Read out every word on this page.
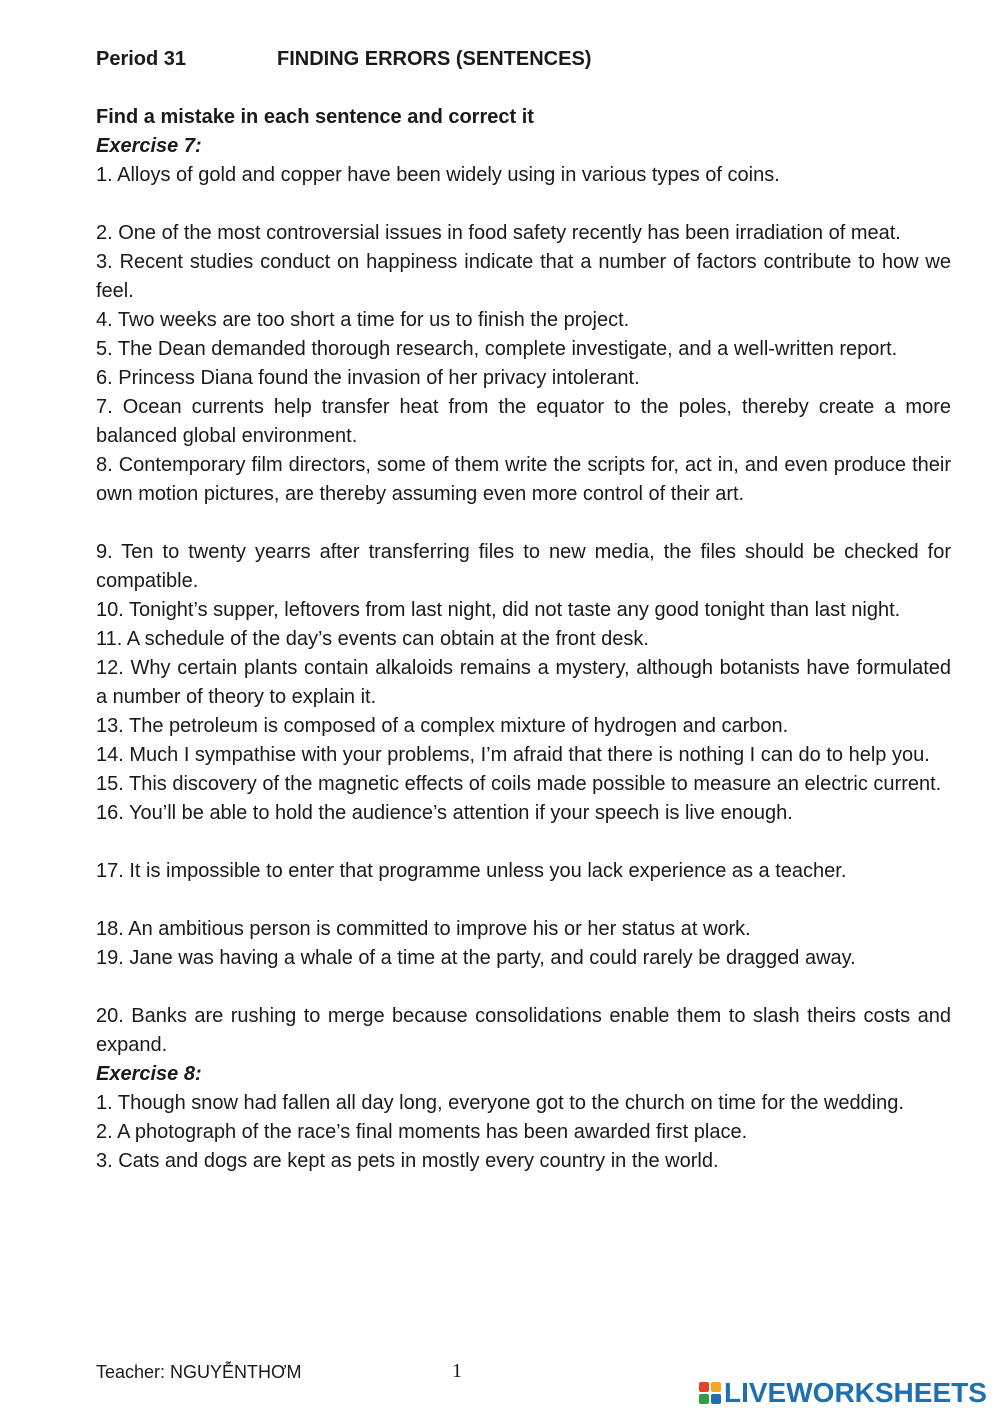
Period 31	FINDING ERRORS (SENTENCES)
Find a mistake in each sentence and correct it
Exercise 7:
1. Alloys of gold and copper have been widely using in various types of coins.
2. One of the most controversial issues in food safety recently has been irradiation of meat.
3. Recent studies conduct on happiness indicate that a number of factors contribute to how we feel.
4. Two weeks are too short a time for us to finish the project.
5. The Dean demanded thorough research, complete investigate, and a well-written report.
6. Princess Diana found the invasion of her privacy intolerant.
7. Ocean currents help transfer heat from the equator to the poles, thereby create a more balanced global environment.
8. Contemporary film directors, some of them write the scripts for, act in, and even produce their own motion pictures, are thereby assuming even more control of their art.
9. Ten to twenty yearrs after transferring files to new media, the files should be checked for compatible.
10. Tonight’s supper, leftovers from last night, did not taste any good tonight than last night.
11. A schedule of the day’s events can obtain at the front desk.
12. Why certain plants contain alkaloids remains a mystery, although botanists have formulated a number of theory to explain it.
13. The petroleum is composed of a complex mixture of hydrogen and carbon.
14. Much I sympathise with your problems, I’m afraid that there is nothing I can do to help you.
15. This discovery of the magnetic effects of coils made possible to measure an electric current.
16. You’ll be able to hold the audience’s attention if your speech is live enough.
17. It is impossible to enter that programme unless you lack experience as a teacher.
18. An ambitious person is committed to improve his or her status at work.
19. Jane was having a whale of a time at the party, and could rarely be dragged away.
20. Banks are rushing to merge because consolidations enable them to slash theirs costs and expand.
Exercise 8:
1. Though snow had fallen all day long, everyone got to the church on time for the wedding.
2. A photograph of the race’s final moments has been awarded first place.
3. Cats and dogs are kept as pets in mostly every country in the world.
Teacher: NGUYỄNTHƠM	1
LIVEWORKSHEETS
